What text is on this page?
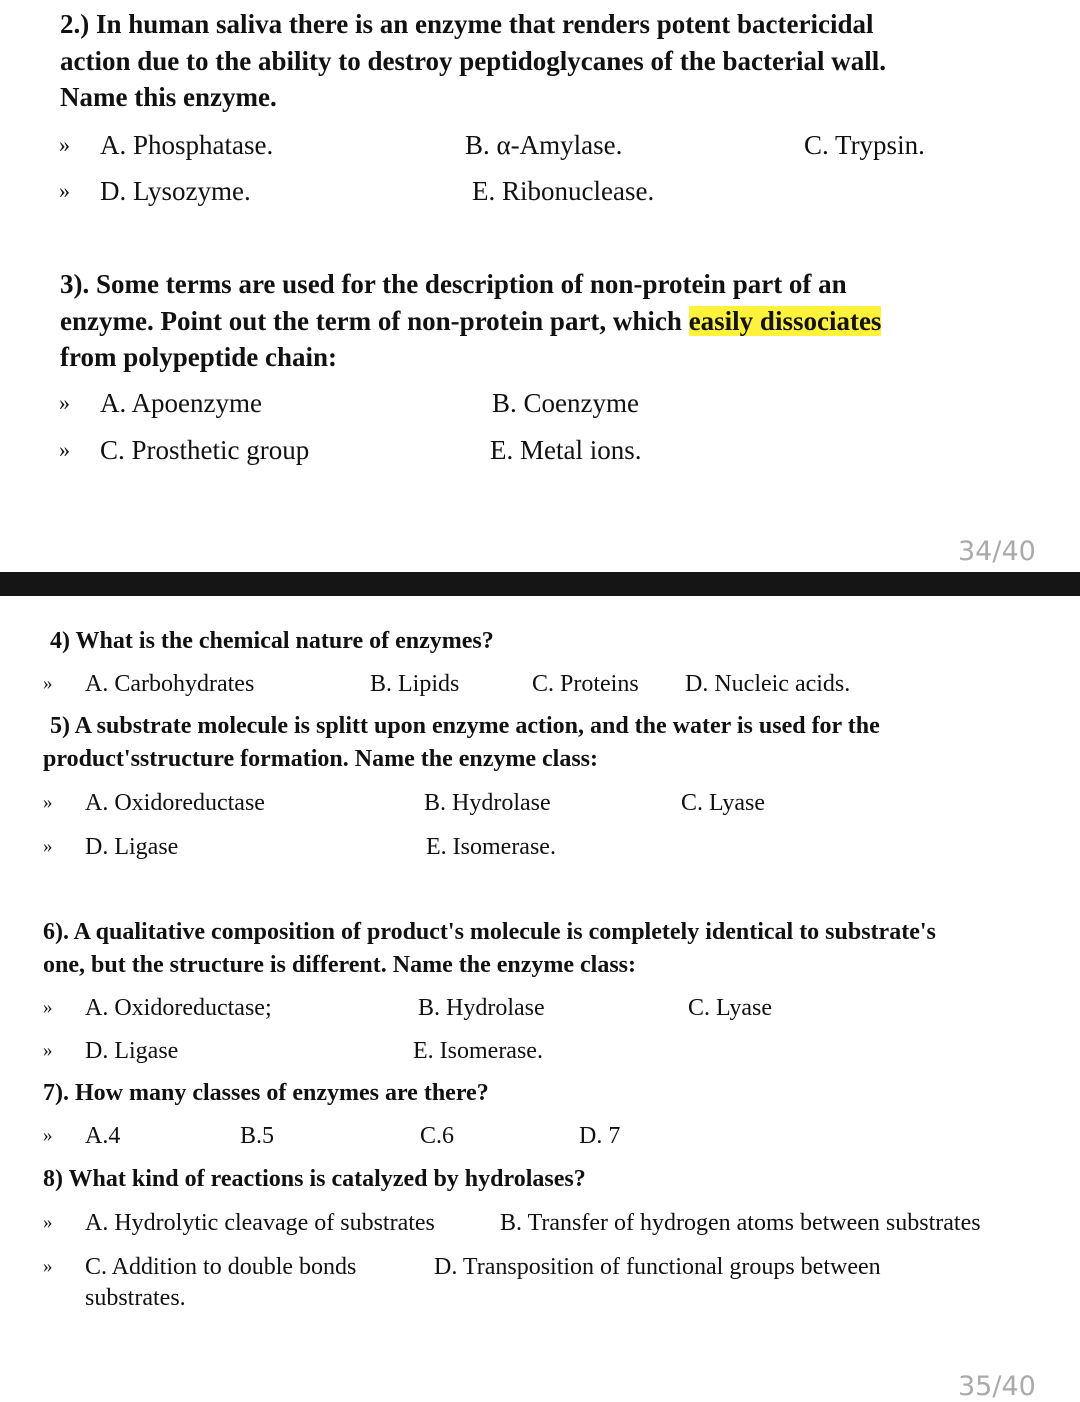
2.) In human saliva there is an enzyme that renders potent bactericidal
action due to the ability to destroy peptidoglycanes of the bacterial wall.
Name this enzyme.
» A. Phosphatase.	B. α-Amylase.	C. Trypsin.
» D. Lysozyme.	E. Ribonuclease.
3). Some terms are used for the description of non-protein part of an
enzyme. Point out the term of non-protein part, which easily dissociates
from polypeptide chain:
» A. Apoenzyme	B. Coenzyme
» C. Prosthetic group	E. Metal ions.
34/40
4) What is the chemical nature of enzymes?
» A. Carbohydrates	B. Lipids	C. Proteins D. Nucleic acids.
5) A substrate molecule is splitt upon enzyme action, and the water is used for the
product'sstructure formation. Name the enzyme class:
» A. Oxidoreductase	B. Hydrolase	C. Lyase
» D. Ligase	E. Isomerase.
6). A qualitative composition of product's molecule is completely identical to substrate's
one, but the structure is different. Name the enzyme class:
» A. Oxidoreductase;	B. Hydrolase	C. Lyase
» D. Ligase	E. Isomerase.
7). How many classes of enzymes are there?
» A.4	B.5	C.6	D. 7
8) What kind of reactions is catalyzed by hydrolases?
» A. Hydrolytic cleavage of substrates	B. Transfer of hydrogen atoms between substrates
» C. Addition to double bonds	D. Transposition of functional groups between
substrates.
35/40
